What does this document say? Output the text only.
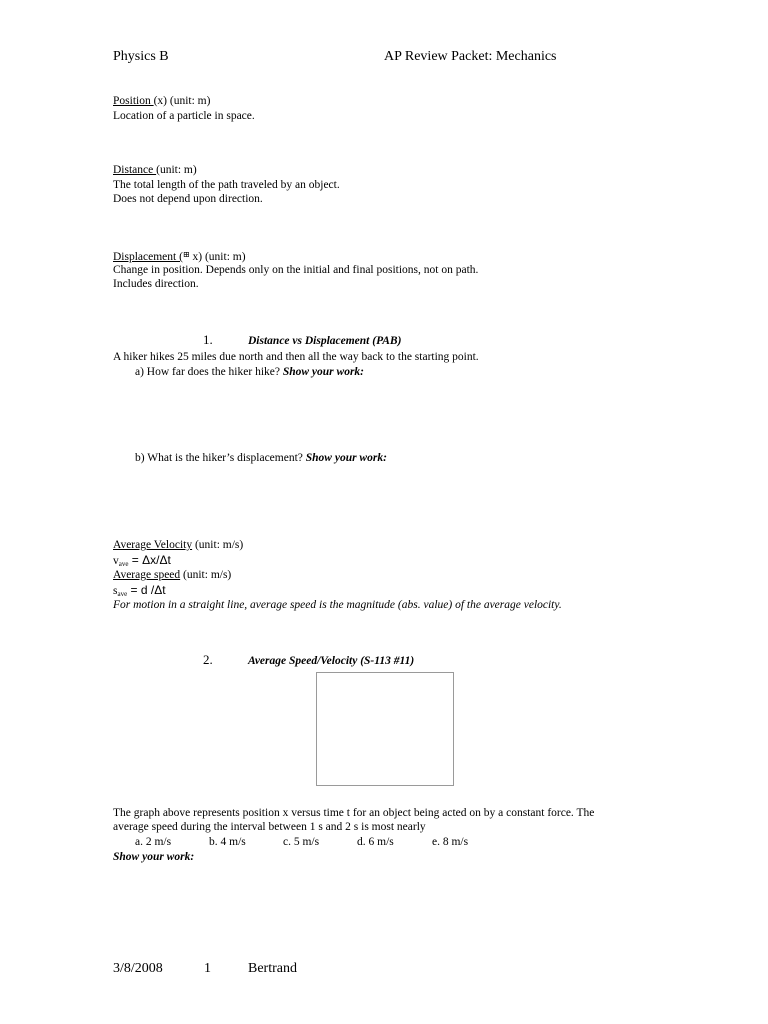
Physics B	AP Review Packet: Mechanics
Position (x) (unit: m)
Location of a particle in space.
Distance (unit: m)
The total length of the path traveled by an object.
Does not depend upon direction.
Displacement (⊞ x) (unit: m)
Change in position. Depends only on the initial and final positions, not on path.
Includes direction.
1.	Distance vs Displacement (PAB)
A hiker hikes 25 miles due north and then all the way back to the starting point.
a) How far does the hiker hike? Show your work:
b) What is the hiker’s displacement? Show your work:
Average Velocity (unit: m/s)
$v_{ave} = \Delta x/\Delta t$
Average speed (unit: m/s)
$s_{ave} = d$ /Δt
For motion in a straight line, average speed is the magnitude (abs. value) of the average velocity.
2.	Average Speed/Velocity (S-113 #11)
The graph above represents position x versus time t for an object being acted on by a constant force. The
average speed during the interval between 1 s and 2 s is most nearly
a. 2 m/s	b. 4 m/s	c. 5 m/s	d. 6 m/s	e. 8 m/s
Show your work:
3/8/2008	1	Bertrand
